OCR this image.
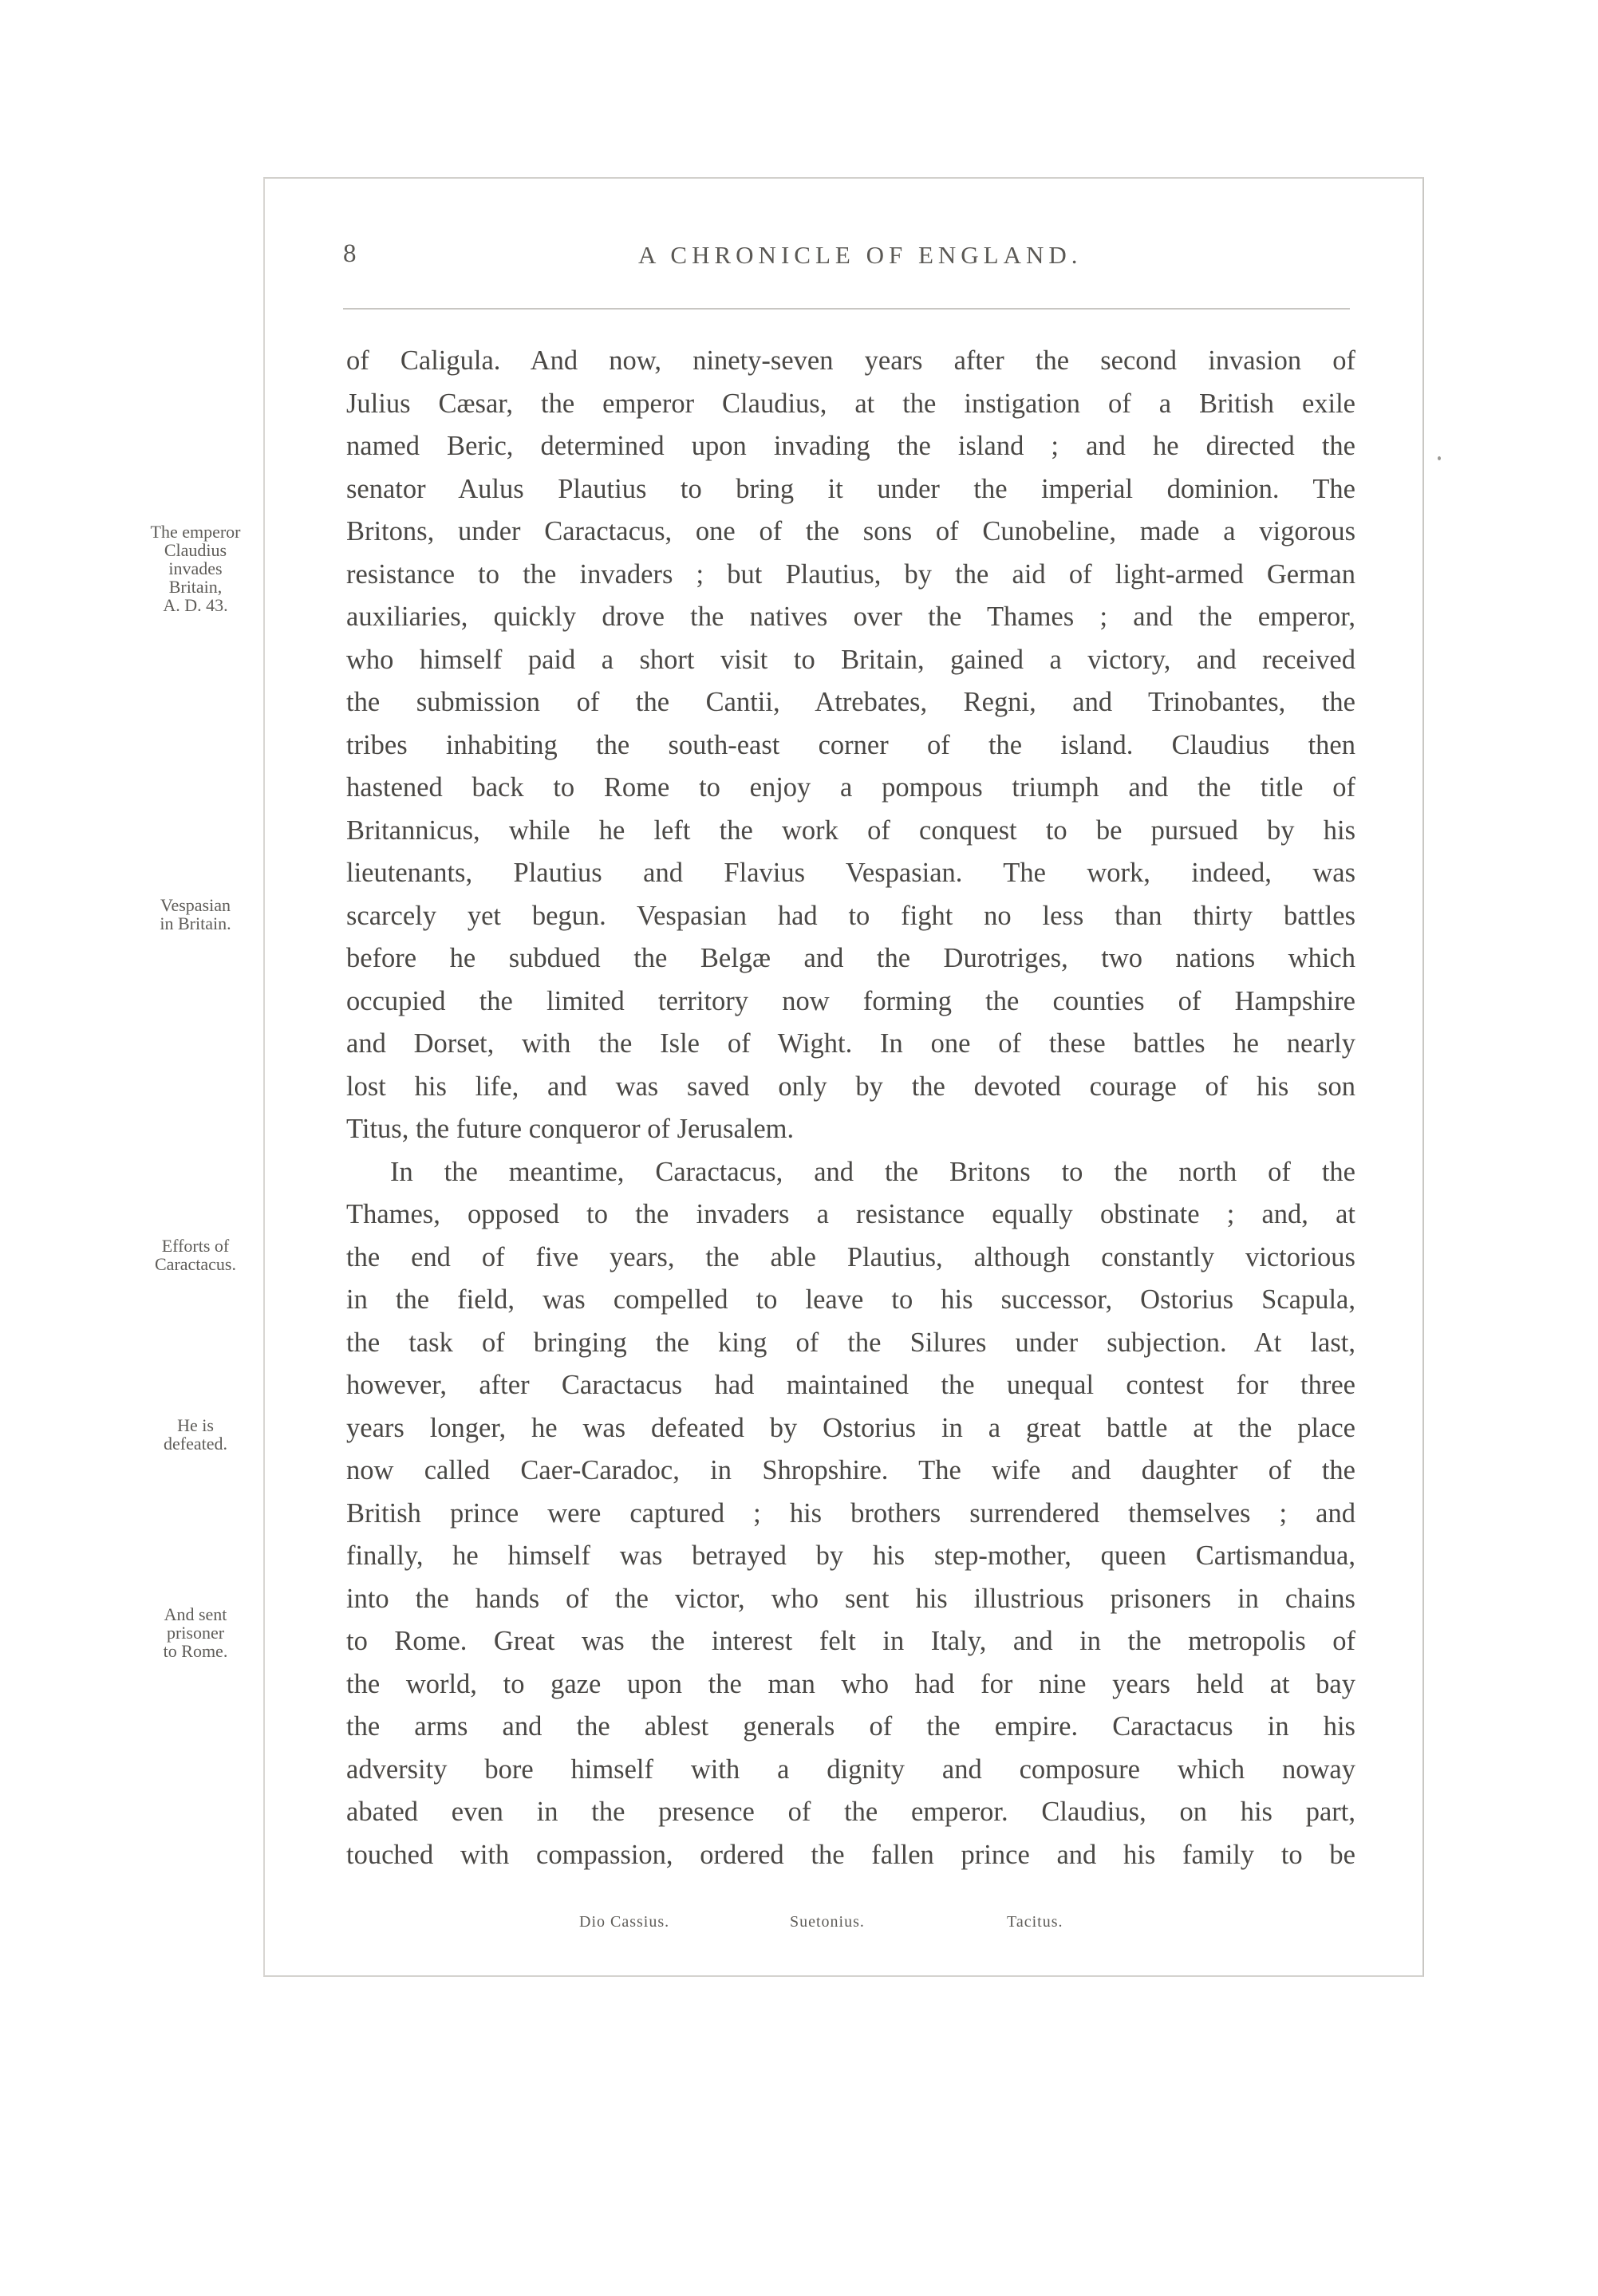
8	A CHRONICLE OF ENGLAND.
of Caligula. And now, ninety-seven years after the second invasion of
Julius Cæsar, the emperor Claudius, at the instigation of a British exile
named Beric, determined upon invading the island ; and he directed the
senator Aulus Plautius to bring it under the imperial dominion. The
Britons, under Caractacus, one of the sons of Cunobeline, made a vigorous
resistance to the invaders ; but Plautius, by the aid of light-armed German
auxiliaries, quickly drove the natives over the Thames ; and the emperor,
who himself paid a short visit to Britain, gained a victory, and received
the submission of the Cantii, Atrebates, Regni, and Trinobantes, the
tribes inhabiting the south-east corner of the island. Claudius then
hastened back to Rome to enjoy a pompous triumph and the title of
Britannicus, while he left the work of conquest to be pursued by his
lieutenants, Plautius and Flavius Vespasian. The work, indeed, was
scarcely yet begun. Vespasian had to fight no less than thirty battles
before he subdued the Belgæ and the Durotriges, two nations which
occupied the limited territory now forming the counties of Hampshire
and Dorset, with the Isle of Wight. In one of these battles he nearly
lost his life, and was saved only by the devoted courage of his son
Titus, the future conqueror of Jerusalem.
In the meantime, Caractacus, and the Britons to the north of the
Thames, opposed to the invaders a resistance equally obstinate ; and, at
the end of five years, the able Plautius, although constantly victorious
in the field, was compelled to leave to his successor, Ostorius Scapula,
the task of bringing the king of the Silures under subjection. At last,
however, after Caractacus had maintained the unequal contest for three
years longer, he was defeated by Ostorius in a great battle at the place
now called Caer-Caradoc, in Shropshire. The wife and daughter of the
British prince were captured ; his brothers surrendered themselves ; and
finally, he himself was betrayed by his step-mother, queen Cartismandua,
into the hands of the victor, who sent his illustrious prisoners in chains
to Rome. Great was the interest felt in Italy, and in the metropolis of
the world, to gaze upon the man who had for nine years held at bay
the arms and the ablest generals of the empire. Caractacus in his
adversity bore himself with a dignity and composure which noway
abated even in the presence of the emperor. Claudius, on his part,
touched with compassion, ordered the fallen prince and his family to be
The emperor
Claudius
invades
Britain,
A. D. 43.
Vespasian
in Britain.
Efforts of
Caractacus.
He is
defeated.
And sent
prisoner
to Rome.
Dio Cassius.	Suetonius.	Tacitus.
